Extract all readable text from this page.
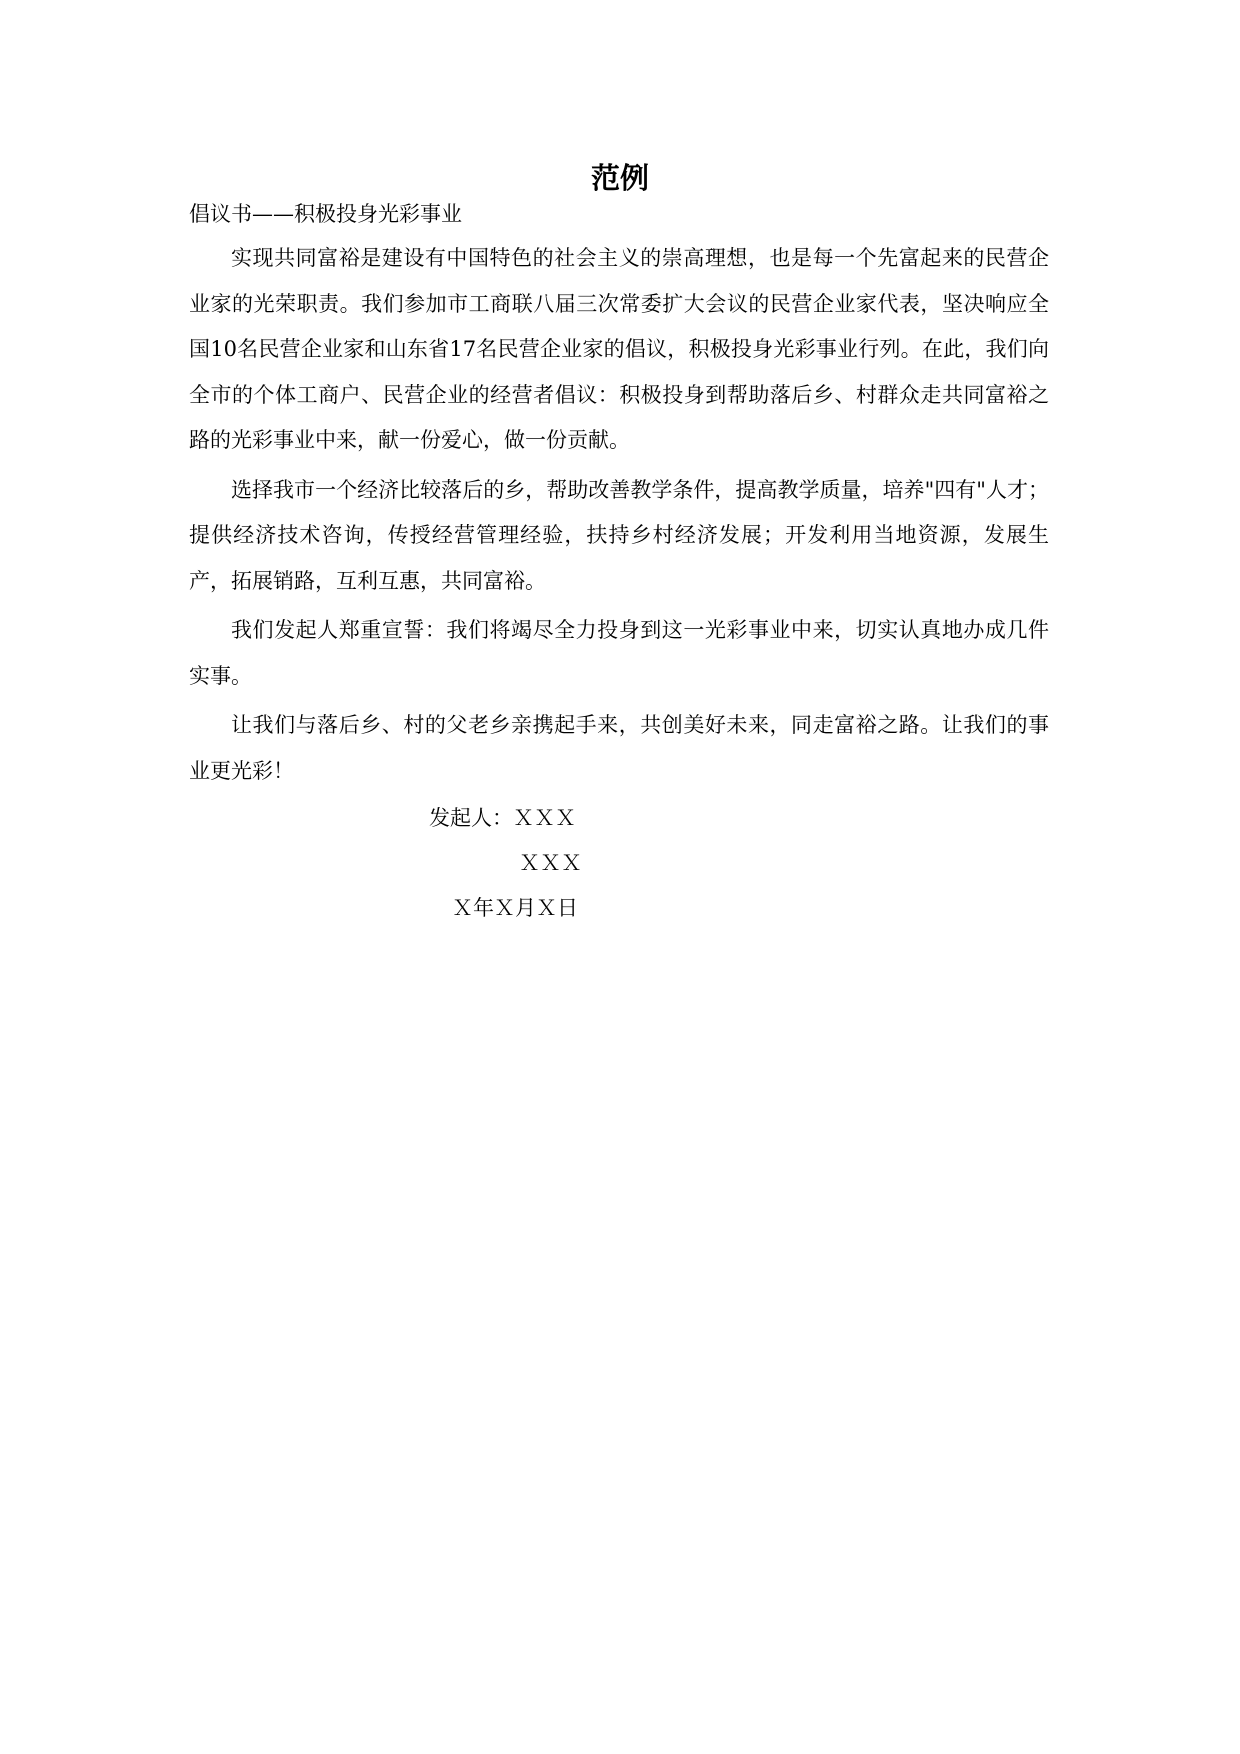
范例

倡议书——积极投身光彩事业

实现共同富裕是建设有中国特色的社会主义的崇高理想，也是每一个先富起来的民营企业家的光荣职责。我们参加市工商联八届三次常委扩大会议的民营企业家代表，坚决响应全国10名民营企业家和山东省17名民营企业家的倡议，积极投身光彩事业行列。在此，我们向全市的个体工商户、民营企业的经营者倡议：积极投身到帮助落后乡、村群众走共同富裕之路的光彩事业中来，献一份爱心，做一份贡献。

选择我市一个经济比较落后的乡，帮助改善教学条件，提高教学质量，培养"四有"人才；提供经济技术咨询，传授经营管理经验，扶持乡村经济发展；开发利用当地资源，发展生产，拓展销路，互利互惠，共同富裕。

我们发起人郑重宣誓：我们将竭尽全力投身到这一光彩事业中来，切实认真地办成几件实事。

让我们与落后乡、村的父老乡亲携起手来，共创美好未来，同走富裕之路。让我们的事业更光彩！

发起人：ＸＸＸ
ＸＸＸ
Ｘ年Ｘ月Ｘ日
